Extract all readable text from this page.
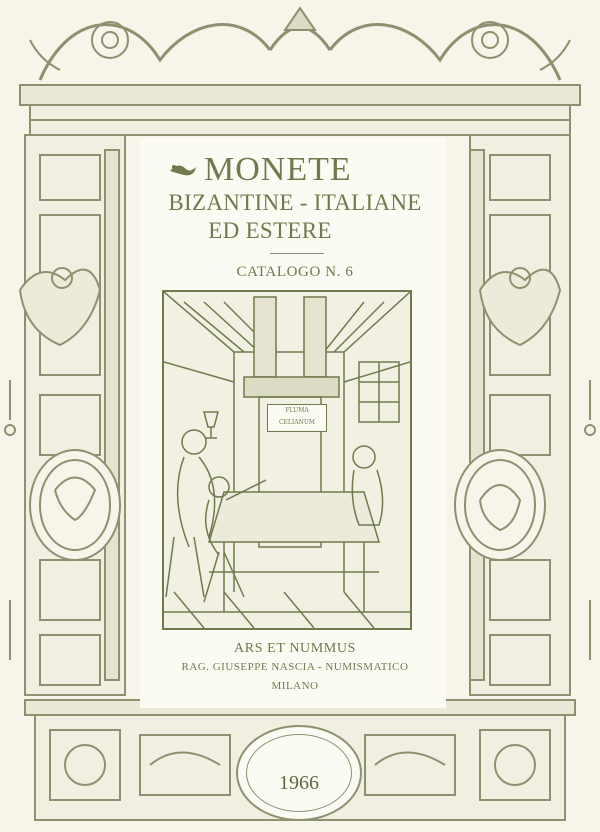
MONETE
BIZANTINE - ITALIANE
ED ESTERE
CATALOGO N. 6
FLUMA
CELIANUM
ARS ET NUMMUS
RAG. GIUSEPPE NASCIA - NUMISMATICO
MILANO
1966
